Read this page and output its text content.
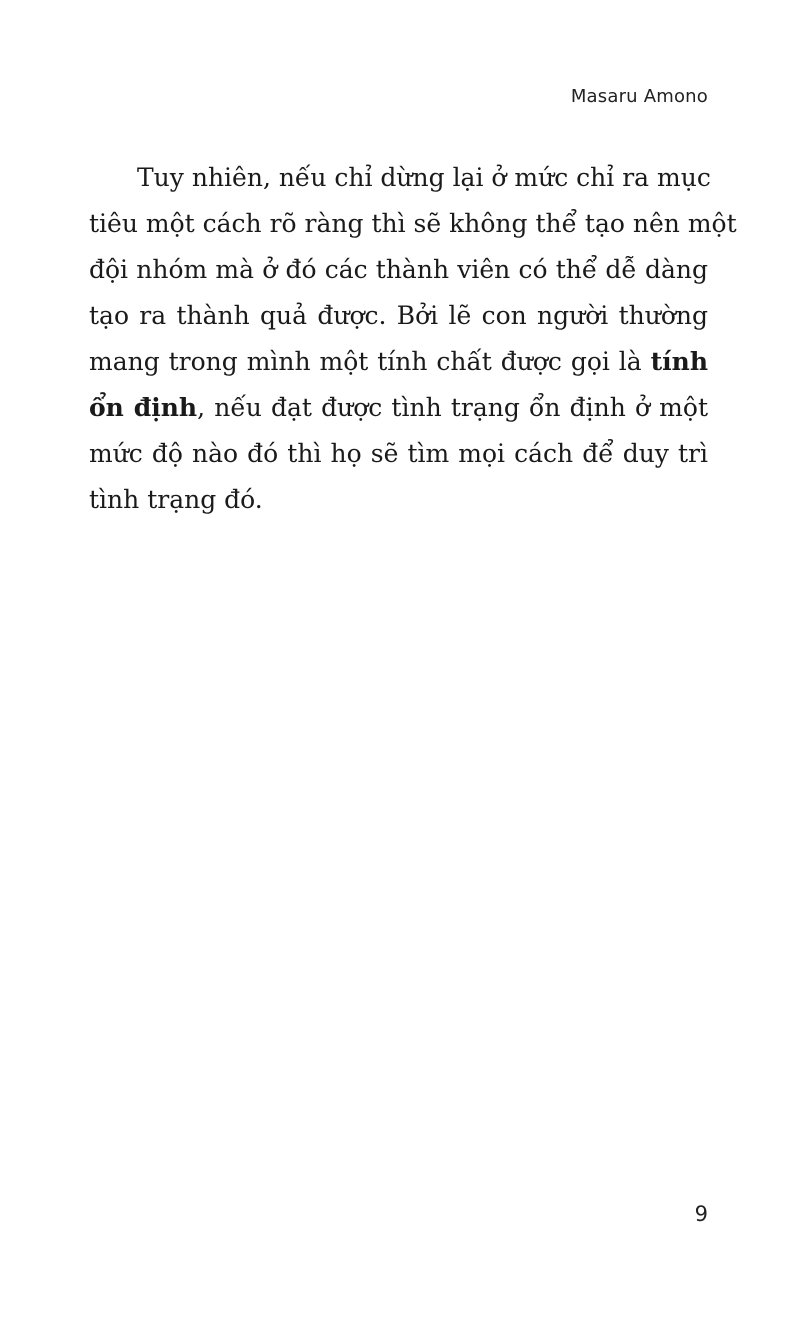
Masaru Amono
Tuy nhiên, nếu chỉ dừng lại ở mức chỉ ra mục
tiêu một cách rõ ràng thì sẽ không thể tạo nên một
đội nhóm mà ở đó các thành viên có thể dễ dàng
tạo ra thành quả được. Bởi lẽ con người thường
mang trong mình một tính chất được gọi là tính
ổn định, nếu đạt được tình trạng ổn định ở một
mức độ nào đó thì họ sẽ tìm mọi cách để duy trì
tình trạng đó.
9
